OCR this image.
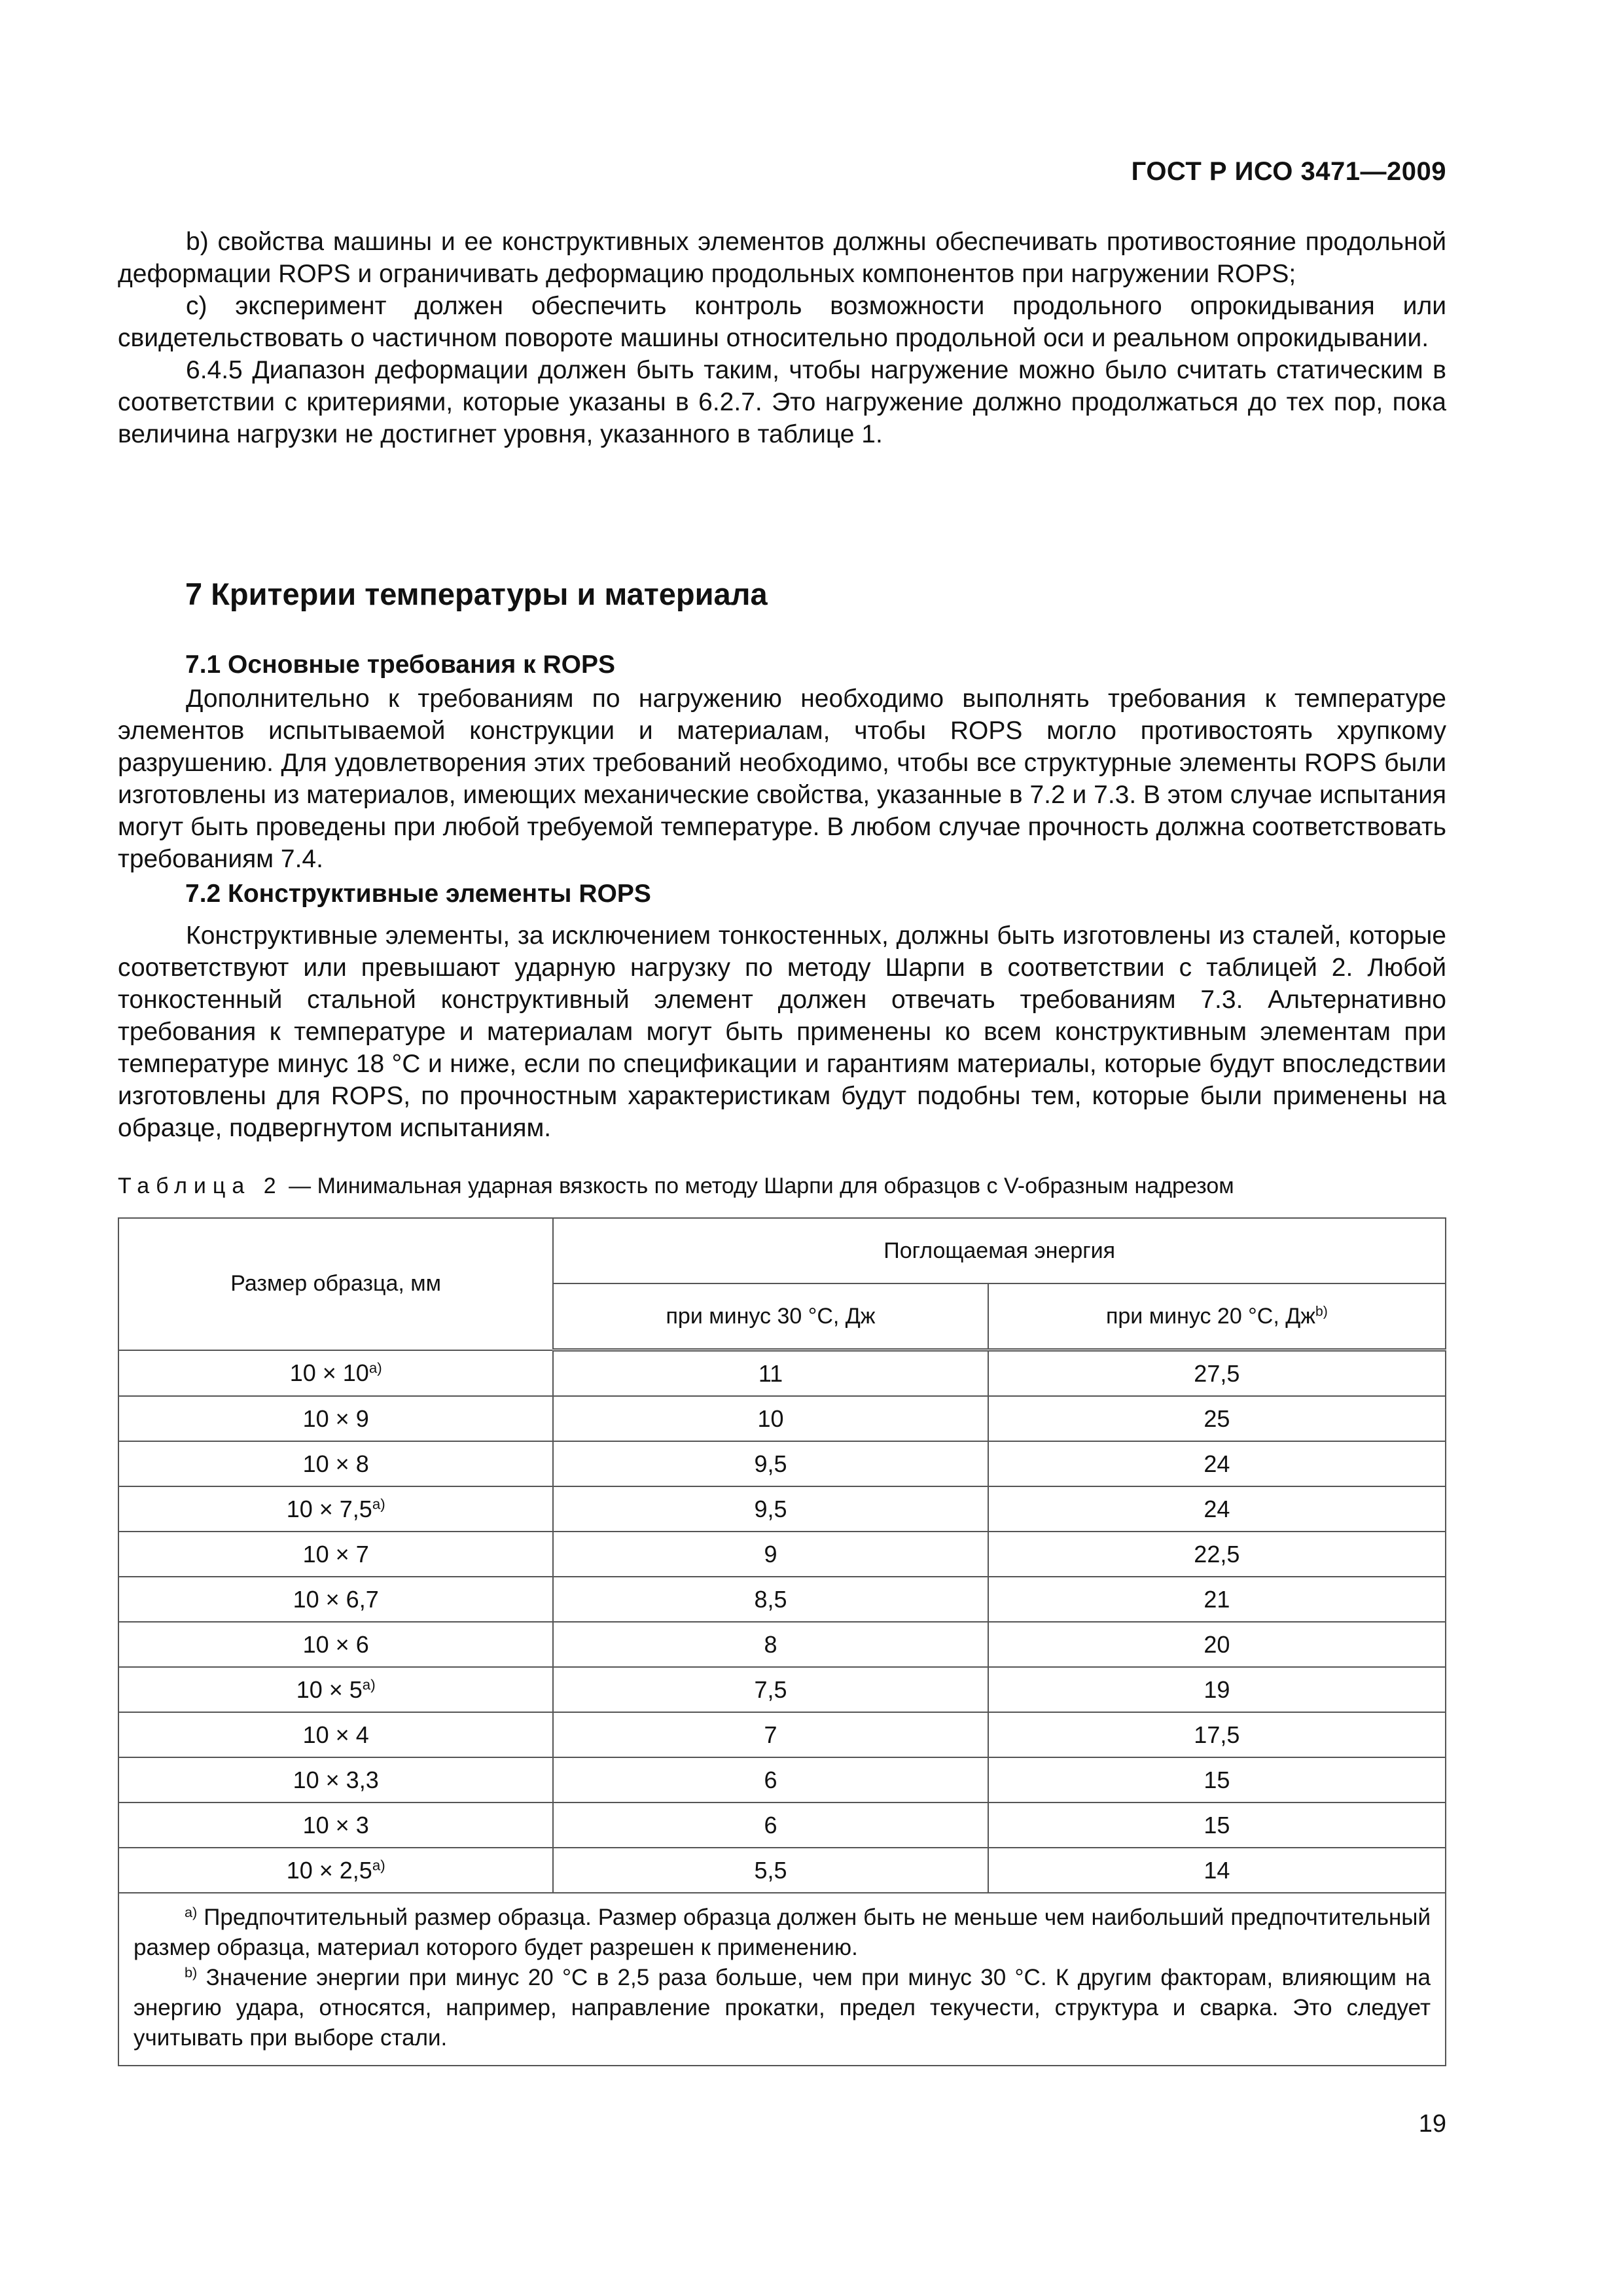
ГОСТ Р ИСО 3471—2009

b) свойства машины и ее конструктивных элементов должны обеспечивать противостояние продольной деформации ROPS и ограничивать деформацию продольных компонентов при нагружении ROPS;

c) эксперимент должен обеспечить контроль возможности продольного опрокидывания или свидетельствовать о частичном повороте машины относительно продольной оси и реальном опрокидывании.

6.4.5 Диапазон деформации должен быть таким, чтобы нагружение можно было считать статическим в соответствии с критериями, которые указаны в 6.2.7. Это нагружение должно продолжаться до тех пор, пока величина нагрузки не достигнет уровня, указанного в таблице 1.

7 Критерии температуры и материала
7.1 Основные требования к ROPS

Дополнительно к требованиям по нагружению необходимо выполнять требования к температуре элементов испытываемой конструкции и материалам, чтобы ROPS могло противостоять хрупкому разрушению. Для удовлетворения этих требований необходимо, чтобы все структурные элементы ROPS были изготовлены из материалов, имеющих механические свойства, указанные в 7.2 и 7.3. В этом случае испытания могут быть проведены при любой требуемой температуре. В любом случае прочность должна соответствовать требованиям 7.4.

7.2 Конструктивные элементы ROPS

Конструктивные элементы, за исключением тонкостенных, должны быть изготовлены из сталей, которые соответствуют или превышают ударную нагрузку по методу Шарпи в соответствии с таблицей 2. Любой тонкостенный стальной конструктивный элемент должен отвечать требованиям 7.3. Альтернативно требования к температуре и материалам могут быть применены ко всем конструктивным элементам при температуре минус 18 °С и ниже, если по спецификации и гарантиям материалы, которые будут впоследствии изготовлены для ROPS, по прочностным характеристикам будут подобны тем, которые были применены на образце, подвергнутом испытаниям.

Таблица 2 — Минимальная ударная вязкость по методу Шарпи для образцов с V-образным надрезом
Размер образца, мм	Поглощаемая энергия	
	при минус 30 °С, Дж	при минус 20 °С, $Дж^{b)}$
$10 \times 10^{a)}$	11	27,5
10 × 9	10	25
10 × 8	9,5	24
$10 \times 7,5^{a)}$	9,5	24
10 × 7	9	22,5
10 × 6,7	8,5	21
10 × 6	8	20
$10 \times 5^{a)}$	7,5	19
10 × 4	7	17,5
10 × 3,3	6	15
10 × 3	6	15
$10 \times 2,5^{a)}$	5,5	14

$^{a)}$ Предпочтительный размер образца. Размер образца должен быть не меньше чем наибольший предпочтительный размер образца, материал которого будет разрешен к применению.

$^{b)}$ Значение энергии при минус 20 °С в 2,5 раза больше, чем при минус 30 °С. К другим факторам, влияющим на энергию удара, относятся, например, направление прокатки, предел текучести, структура и сварка. Это следует учитывать при выборе стали.		

19
